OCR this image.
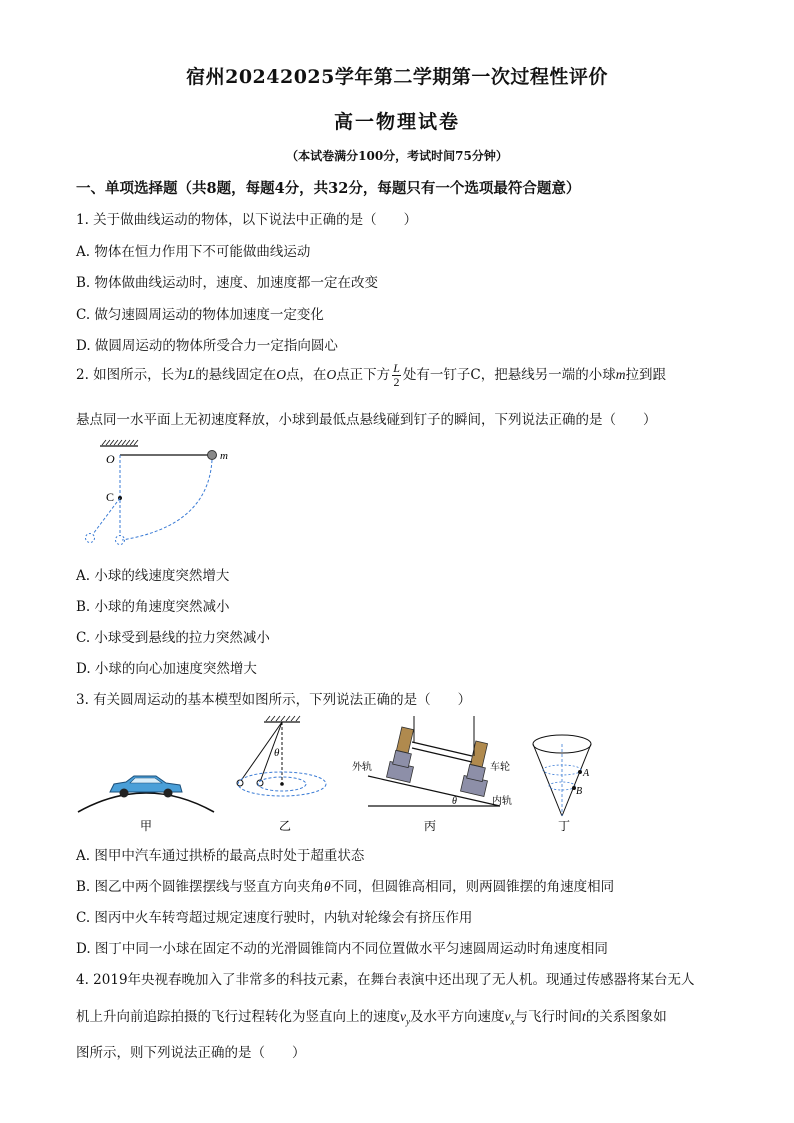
宿州20242025学年第二学期第一次过程性评价
高一物理试卷
（本试卷满分100分，考试时间75分钟）
一、单项选择题（共8题，每题4分，共32分，每题只有一个选项最符合题意）
1. 关于做曲线运动的物体，以下说法中正确的是（　　）
A. 物体在恒力作用下不可能做曲线运动
B. 物体做曲线运动时，速度、加速度都一定在改变
C. 做匀速圆周运动的物体加速度一定变化
D. 做圆周运动的物体所受合力一定指向圆心
2. 如图所示，长为L的悬线固定在O点，在O点正下方 $\frac{L}{2}$ 处有一钉子C，把悬线另一端的小球m拉到跟
悬点同一水平面上无初速度释放，小球到最低点悬线碰到钉子的瞬间，下列说法正确的是（　　）
m
O
C
A. 小球的线速度突然增大
B. 小球的角速度突然减小
C. 小球受到悬线的拉力突然减小
D. 小球的向心加速度突然增大
3. 有关圆周运动的基本模型如图所示，下列说法正确的是（　　）
甲
θ
乙
θ
外轨	车轮
内轨
丙
A
B
丁
A. 图甲中汽车通过拱桥的最高点时处于超重状态
B. 图乙中两个圆锥摆摆线与竖直方向夹角θ不同，但圆锥高相同，则两圆锥摆的角速度相同
C. 图丙中火车转弯超过规定速度行驶时，内轨对轮缘会有挤压作用
D. 图丁中同一小球在固定不动的光滑圆锥筒内不同位置做水平匀速圆周运动时角速度相同
4. 2019年央视春晚加入了非常多的科技元素，在舞台表演中还出现了无人机。现通过传感器将某台无人
机上升向前追踪拍摄的飞行过程转化为竖直向上的速度$v_y$及水平方向速度$v_x$与飞行时间t的关系图象如
图所示，则下列说法正确的是（　　）
